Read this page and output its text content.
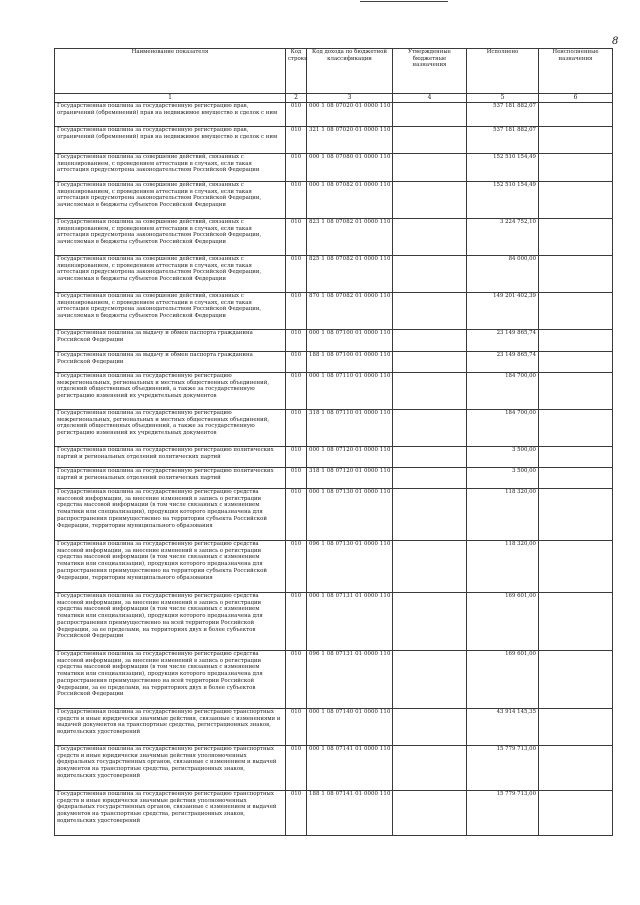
8
Наименование показателя	Код строки	Код дохода по бюджетной классификации	Утвержденные бюджетные назначения	Исполнено	Неисполненные назначения
1	2	3	4	5	6
Государственная пошлина за государственную регистрацию прав, ограничений (обременений) прав на недвижимое имущество и сделок с ним	010	000 1 08 07020 01 0000 110		537 181 882,07	
Государственная пошлина за государственную регистрацию прав, ограничений (обременений) прав на недвижимое имущество и сделок с ним	010	321 1 08 07020 01 0000 110		537 181 882,07	
Государственная пошлина за совершение действий, связанных с лицензированием, с проведением аттестации в случаях, если такая аттестация предусмотрена законодательством Российской Федерации	010	000 1 08 07080 01 0000 110		152 510 154,49	
Государственная пошлина за совершение действий, связанных с лицензированием, с проведением аттестации в случаях, если такая аттестация предусмотрена законодательством Российской Федерации, зачисляемая в бюджеты субъектов Российской Федерации	010	000 1 08 07082 01 0000 110		152 510 154,49	
Государственная пошлина за совершение действий, связанных с лицензированием, с проведением аттестации в случаях, если такая аттестация предусмотрена законодательством Российской Федерации, зачисляемая в бюджеты субъектов Российской Федерации	010	823 1 08 07082 01 0000 110		3 224 752,10	
Государственная пошлина за совершение действий, связанных с лицензированием, с проведением аттестации в случаях, если такая аттестация предусмотрена законодательством Российской Федерации, зачисляемая в бюджеты субъектов Российской Федерации	010	825 1 08 07082 01 0000 110		84 000,00	
Государственная пошлина за совершение действий, связанных с лицензированием, с проведением аттестации в случаях, если такая аттестация предусмотрена законодательством Российской Федерации, зачисляемая в бюджеты субъектов Российской Федерации	010	870 1 08 07082 01 0000 110		149 201 402,39	
Государственная пошлина за выдачу и обмен паспорта гражданина Российской Федерации	010	000 1 08 07100 01 0000 110		23 149 865,74	
Государственная пошлина за выдачу и обмен паспорта гражданина Российской Федерации	010	188 1 08 07100 01 0000 110		23 149 865,74	
Государственная пошлина за государственную регистрацию межрегиональных, региональных и местных общественных объединений, отделений общественных объединений, а также за государственную регистрацию изменений их учредительных документов	010	000 1 08 07110 01 0000 110		184 700,00	
Государственная пошлина за государственную регистрацию межрегиональных, региональных и местных общественных объединений, отделений общественных объединений, а также за государственную регистрацию изменений их учредительных документов	010	318 1 08 07110 01 0000 110		184 700,00	
Государственная пошлина за государственную регистрацию политических партий и региональных отделений политических партий	010	000 1 08 07120 01 0000 110		3 500,00	
Государственная пошлина за государственную регистрацию политических партий и региональных отделений политических партий	010	318 1 08 07120 01 0000 110		3 500,00	
Государственная пошлина за государственную регистрацию средства массовой информации, за внесение изменений в запись о регистрации средства массовой информации (в том числе связанных с изменением тематики или специализации), продукция которого предназначена для распространения преимущественно на территории субъекта Российской Федерации, территории муниципального образования	010	000 1 08 07130 01 0000 110		118 320,00	
Государственная пошлина за государственную регистрацию средства массовой информации, за внесение изменений в запись о регистрации средства массовой информации (в том числе связанных с изменением тематики или специализации), продукция которого предназначена для распространения преимущественно на территории субъекта Российской Федерации, территории муниципального образования	010	096 1 08 07130 01 0000 110		118 320,00	
Государственная пошлина за государственную регистрацию средства массовой информации, за внесение изменений в запись о регистрации средства массовой информации (в том числе связанных с изменением тематики или специализации), продукция которого предназначена для распространения преимущественно на всей территории Российской Федерации, за ее пределами, на территориях двух и более субъектов Российской Федерации	010	000 1 08 07131 01 0000 110		169 601,00	
Государственная пошлина за государственную регистрацию средства массовой информации, за внесение изменений в запись о регистрации средства массовой информации (в том числе связанных с изменением тематики или специализации), продукция которого предназначена для распространения преимущественно на всей территории Российской Федерации, за ее пределами, на территориях двух и более субъектов Российской Федерации	010	096 1 08 07131 01 0000 110		169 601,00	
Государственная пошлина за государственную регистрацию транспортных средств и иные юридически значимые действия, связанные с изменениями и выдачей документов на транспортные средства, регистрационных знаков, водительских удостоверений	010	000 1 08 07140 01 0000 110		43 914 145,35	
Государственная пошлина за государственную регистрацию транспортных средств и иные юридически значимые действия уполномоченных федеральных государственных органов, связанные с изменением и выдачей документов на транспортные средства, регистрационных знаков, водительских удостоверений	010	000 1 08 07141 01 0000 110		15 779 713,00	
Государственная пошлина за государственную регистрацию транспортных средств и иные юридически значимые действия уполномоченных федеральных государственных органов, связанные с изменением и выдачей документов на транспортные средства, регистрационных знаков, водительских удостоверений	010	188 1 08 07141 01 0000 110		15 779 713,00	
